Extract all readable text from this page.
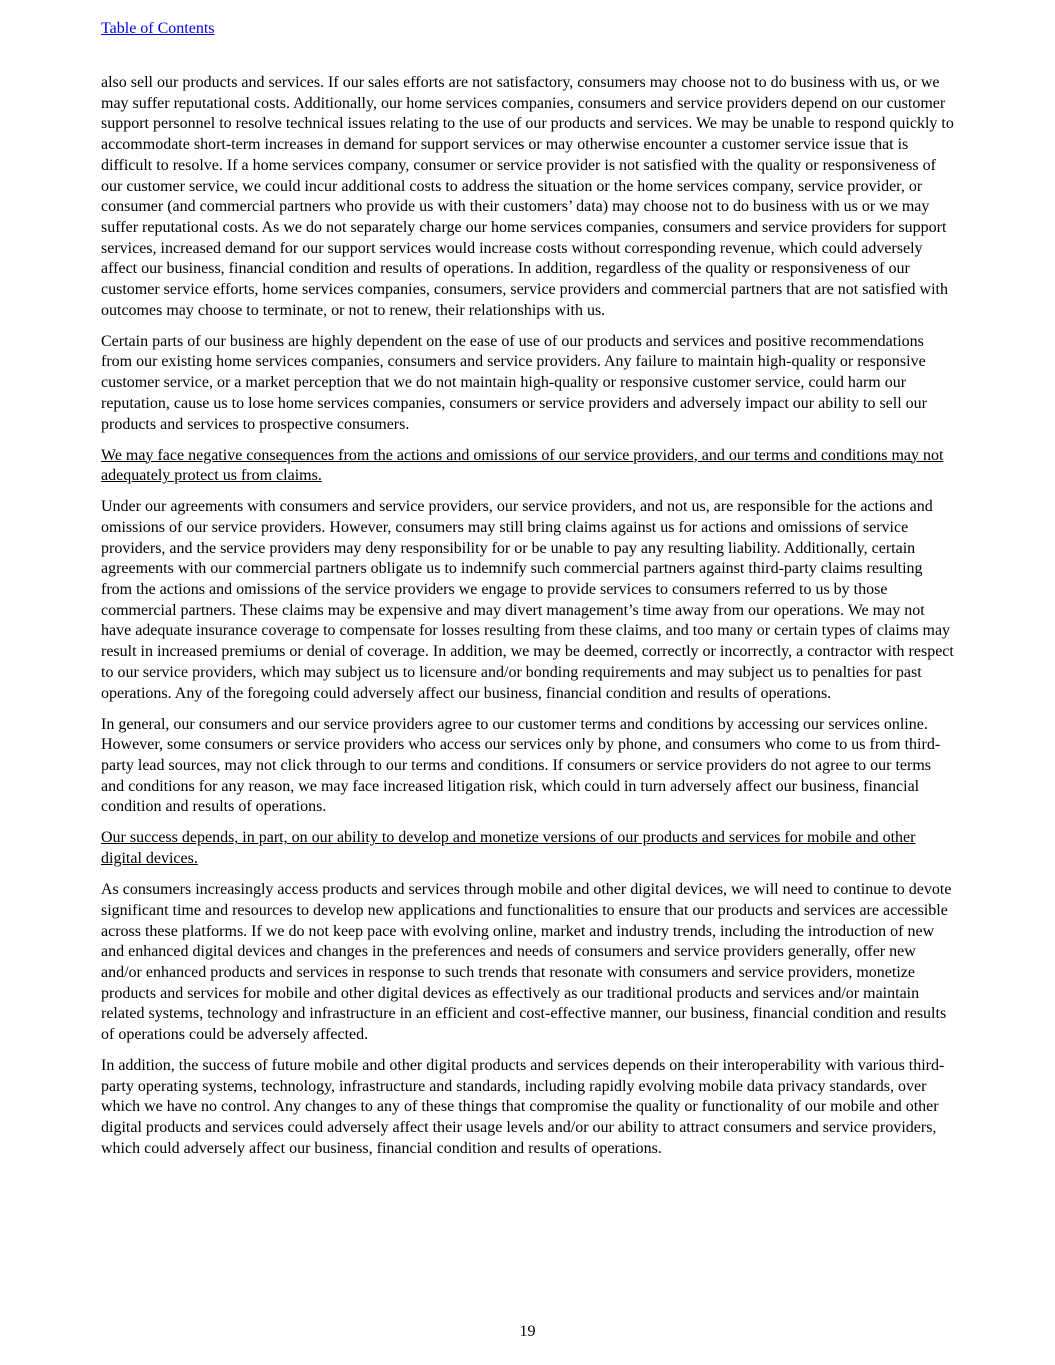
Table of Contents

also sell our products and services. If our sales efforts are not satisfactory, consumers may choose not to do business with us, or we may suffer reputational costs. Additionally, our home services companies, consumers and service providers depend on our customer support personnel to resolve technical issues relating to the use of our products and services. We may be unable to respond quickly to accommodate short-term increases in demand for support services or may otherwise encounter a customer service issue that is difficult to resolve. If a home services company, consumer or service provider is not satisfied with the quality or responsiveness of our customer service, we could incur additional costs to address the situation or the home services company, service provider, or consumer (and commercial partners who provide us with their customers’ data) may choose not to do business with us or we may suffer reputational costs. As we do not separately charge our home services companies, consumers and service providers for support services, increased demand for our support services would increase costs without corresponding revenue, which could adversely affect our business, financial condition and results of operations. In addition, regardless of the quality or responsiveness of our customer service efforts, home services companies, consumers, service providers and commercial partners that are not satisfied with outcomes may choose to terminate, or not to renew, their relationships with us.

Certain parts of our business are highly dependent on the ease of use of our products and services and positive recommendations from our existing home services companies, consumers and service providers. Any failure to maintain high-quality or responsive customer service, or a market perception that we do not maintain high-quality or responsive customer service, could harm our reputation, cause us to lose home services companies, consumers or service providers and adversely impact our ability to sell our products and services to prospective consumers.

We may face negative consequences from the actions and omissions of our service providers, and our terms and conditions may not adequately protect us from claims.

Under our agreements with consumers and service providers, our service providers, and not us, are responsible for the actions and omissions of our service providers. However, consumers may still bring claims against us for actions and omissions of service providers, and the service providers may deny responsibility for or be unable to pay any resulting liability. Additionally, certain agreements with our commercial partners obligate us to indemnify such commercial partners against third-party claims resulting from the actions and omissions of the service providers we engage to provide services to consumers referred to us by those commercial partners. These claims may be expensive and may divert management’s time away from our operations. We may not have adequate insurance coverage to compensate for losses resulting from these claims, and too many or certain types of claims may result in increased premiums or denial of coverage. In addition, we may be deemed, correctly or incorrectly, a contractor with respect to our service providers, which may subject us to licensure and/or bonding requirements and may subject us to penalties for past operations. Any of the foregoing could adversely affect our business, financial condition and results of operations.

In general, our consumers and our service providers agree to our customer terms and conditions by accessing our services online. However, some consumers or service providers who access our services only by phone, and consumers who come to us from third-party lead sources, may not click through to our terms and conditions. If consumers or service providers do not agree to our terms and conditions for any reason, we may face increased litigation risk, which could in turn adversely affect our business, financial condition and results of operations.

Our success depends, in part, on our ability to develop and monetize versions of our products and services for mobile and other digital devices.

As consumers increasingly access products and services through mobile and other digital devices, we will need to continue to devote significant time and resources to develop new applications and functionalities to ensure that our products and services are accessible across these platforms. If we do not keep pace with evolving online, market and industry trends, including the introduction of new and enhanced digital devices and changes in the preferences and needs of consumers and service providers generally, offer new and/or enhanced products and services in response to such trends that resonate with consumers and service providers, monetize products and services for mobile and other digital devices as effectively as our traditional products and services and/or maintain related systems, technology and infrastructure in an efficient and cost-effective manner, our business, financial condition and results of operations could be adversely affected.

In addition, the success of future mobile and other digital products and services depends on their interoperability with various third-party operating systems, technology, infrastructure and standards, including rapidly evolving mobile data privacy standards, over which we have no control. Any changes to any of these things that compromise the quality or functionality of our mobile and other digital products and services could adversely affect their usage levels and/or our ability to attract consumers and service providers, which could adversely affect our business, financial condition and results of operations.

19
